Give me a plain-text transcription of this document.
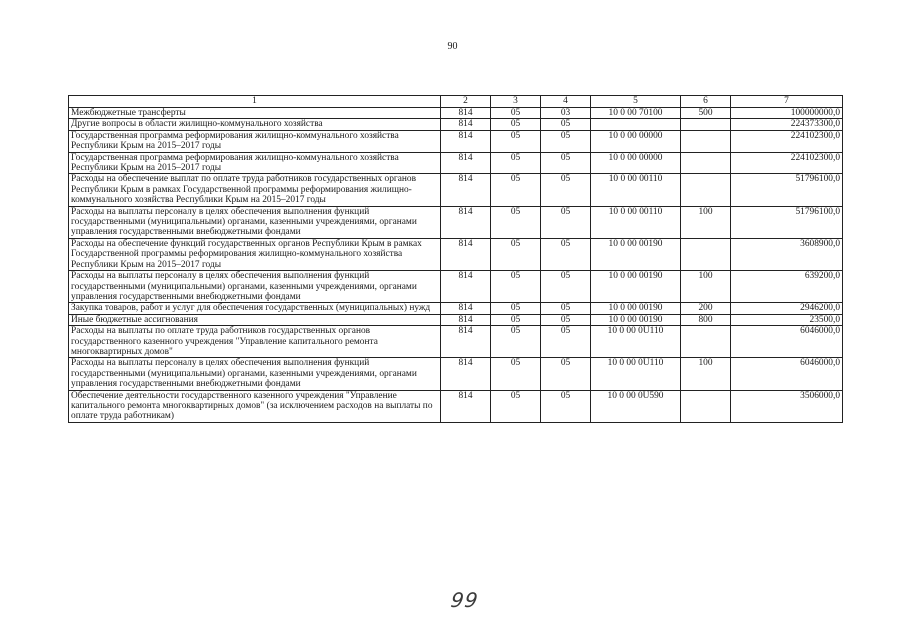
90
1	2	3	4	5	6	7
Межбюджетные трансферты	814	05	03	10 0 00 70100	500	100000000,0
Другие вопросы в области жилищно-коммунального хозяйства	814	05	05			224373300,0
Государственная программа реформирования жилищно-коммунального хозяйства Республики Крым на 2015–2017 годы	814	05	05	10 0 00 00000		224102300,0
Государственная программа реформирования жилищно-коммунального хозяйства Республики Крым на 2015–2017 годы	814	05	05	10 0 00 00000		224102300,0
Расходы на обеспечение выплат по оплате труда работников государственных органов Республики Крым в рамках Государственной программы реформирования жилищно-коммунального хозяйства Республики Крым на 2015–2017 годы	814	05	05	10 0 00 00110		51796100,0
Расходы на выплаты персоналу в целях обеспечения выполнения функций государственными (муниципальными) органами, казенными учреждениями, органами управления государственными внебюджетными фондами	814	05	05	10 0 00 00110	100	51796100,0
Расходы на обеспечение функций государственных органов Республики Крым в рамках Государственной программы реформирования жилищно-коммунального хозяйства Республики Крым на 2015–2017 годы	814	05	05	10 0 00 00190		3608900,0
Расходы на выплаты персоналу в целях обеспечения выполнения функций государственными (муниципальными) органами, казенными учреждениями, органами управления государственными внебюджетными фондами	814	05	05	10 0 00 00190	100	639200,0
Закупка товаров, работ и услуг для обеспечения государственных (муниципальных) нужд	814	05	05	10 0 00 00190	200	2946200,0
Иные бюджетные ассигнования	814	05	05	10 0 00 00190	800	23500,0
Расходы на выплаты по оплате труда работников государственных органов государственного казенного учреждения "Управление капитального ремонта многоквартирных домов"	814	05	05	10 0 00 0U110		6046000,0
Расходы на выплаты персоналу в целях обеспечения выполнения функций государственными (муниципальными) органами, казенными учреждениями, органами управления государственными внебюджетными фондами	814	05	05	10 0 00 0U110	100	6046000,0
Обеспечение деятельности государственного казенного учреждения "Управление капитального ремонта многоквартирных домов" (за исключением расходов на выплаты по оплате труда работникам)	814	05	05	10 0 00 0U590		3506000,0
99
